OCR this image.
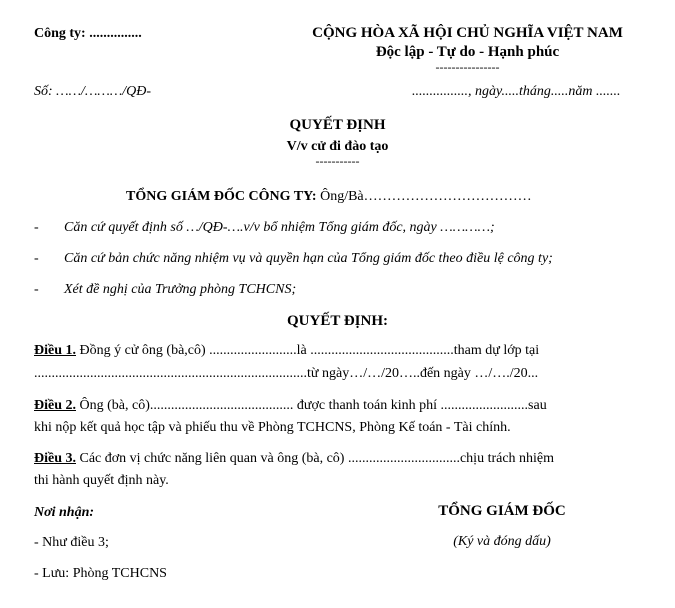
Công ty: ...............	CỘNG HÒA XÃ HỘI CHỦ NGHĨA VIỆT NAM
Độc lập - Tự do - Hạnh phúc
----------------
Số: ……/………/QĐ-	................, ngày.....tháng.....năm .......
QUYẾT ĐỊNH
V/v cử đi đào tạo
-----------
TỔNG GIÁM ĐỐC CÔNG TY: Ông/Bà………………………………
- Căn cứ quyết định số …/QĐ-….v/v bổ nhiệm Tổng giám đốc, ngày …………;
- Căn cứ bản chức năng nhiệm vụ và quyền hạn của Tổng giám đốc theo điều lệ công ty;
- Xét đề nghị của Trưởng phòng TCHCNS;
QUYẾT ĐỊNH:
Điều 1. Đồng ý cử ông (bà,cô) .........................là .........................................tham dự lớp tại
..............................................................................từ ngày…/…/20…..đến ngày …/…./20...
Điều 2. Ông (bà, cô)......................................... được thanh toán kinh phí .........................sau
khi nộp kết quả học tập và phiếu thu về Phòng TCHCNS, Phòng Kế toán - Tài chính.
Điều 3. Các đơn vị chức năng liên quan và ông (bà, cô) ................................chịu trách nhiệm
thi hành quyết định này.
Nơi nhận:
- Như điều 3;
- Lưu: Phòng TCHCNS
TỔNG GIÁM ĐỐC
(Ký và đóng dấu)
